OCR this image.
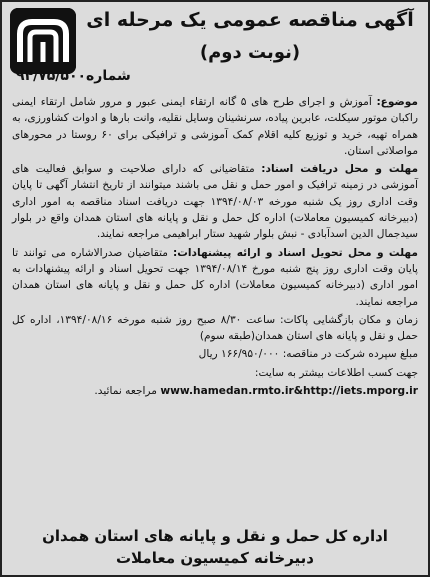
آگهی مناقصه عمومی یک مرحله ای
(نوبت دوم)
شماره۹۴/۷۵/۵۰۰

موضوع: آموزش و اجرای طرح های ۵ گانه ارتقاء ایمنی عبور و مرور شامل ارتقاء ایمنی راکبان موتور سیکلت، عابرین پیاده، سرنشینان وسایل نقلیه، وانت بارها و ادوات کشاورزی، به همراه تهیه، خرید و توزیع کلیه اقلام کمک آموزشی و ترافیکی برای ۶۰ روستا در محورهای مواصلاتی استان.

مهلت و محل دریافت اسناد: متقاضیانی که دارای صلاحیت و سوابق فعالیت های آموزشی در زمینه ترافیک و امور حمل و نقل می باشند میتوانند از تاریخ انتشار آگهی تا پایان وقت اداری روز یک شنبه مورخه ۱۳۹۴/۰۸/۰۳ جهت دریافت اسناد مناقصه به امور اداری (دبیرخانه کمیسیون معاملات) اداره کل حمل و نقل و پایانه های استان همدان واقع در بلوار سیدجمال الدین اسدآبادی - نبش بلوار شهید ستار ابراهیمی مراجعه نمایند.

مهلت و محل تحویل اسناد و ارائه پیشنهادات: متقاضیان صدرالاشاره می توانند تا پایان وقت اداری روز پنج شنبه مورخ ۱۳۹۴/۰۸/۱۴ جهت تحویل اسناد و ارائه پیشنهادات به امور اداری (دبیرخانه کمیسیون معاملات) اداره کل حمل و نقل و پایانه های استان همدان مراجعه نمایند.

زمان و مکان بازگشایی پاکات: ساعت ۸/۳۰ صبح روز شنبه مورخه ۱۳۹۴/۰۸/۱۶، اداره کل حمل و نقل و پایانه های استان همدان(طبقه سوم)

مبلغ سپرده شرکت در مناقصه: ۱۶۶/۹۵۰/۰۰۰ ریال

جهت کسب اطلاعات بیشتر به سایت:

www.hamedan.rmto.ir&http://iets.mporg.ir مراجعه نمائید.

اداره کل حمل و نقل و پایانه های استان همدان
دبیرخانه کمیسیون معاملات
